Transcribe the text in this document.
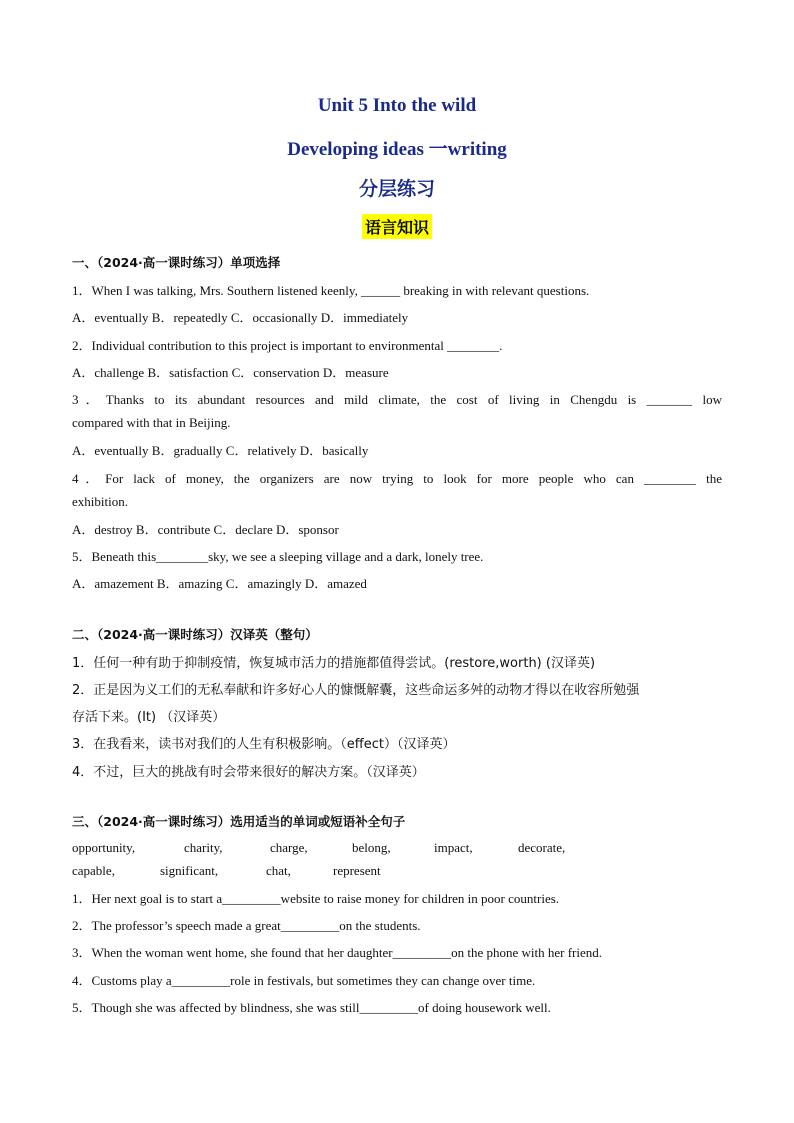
Unit 5 Into the wild
Developing ideas 一writing
分层练习
语言知识
一、（2024·高一课时练习）单项选择
1．When I was talking, Mrs. Southern listened keenly, ______ breaking in with relevant questions.
A．eventually B．repeatedly C．occasionally D．immediately
2．Individual contribution to this project is important to environmental ________.
A．challenge B．satisfaction C．conservation D．measure
3．Thanks to its abundant resources and mild climate, the cost of living in Chengdu is _______ low
compared with that in Beijing.
A．eventually B．gradually C．relatively D．basically
4．For lack of money, the organizers are now trying to look for more people who can ________ the
exhibition.
A．destroy B．contribute C．declare D．sponsor
5．Beneath this________sky, we see a sleeping village and a dark, lonely tree.
A．amazement B．amazing C．amazingly D．amazed
二、（2024·高一课时练习）汉译英（整句）
1．任何一种有助于抑制疫情，恢复城市活力的措施都值得尝试。(restore,worth) (汉译英)
2．正是因为义工们的无私奉献和许多好心人的慷慨解囊，这些命运多舛的动物才得以在收容所勉强
存活下来。(It) （汉译英）
3．在我看来，读书对我们的人生有积极影响。（effect）（汉译英）
4．不过，巨大的挑战有时会带来很好的解决方案。（汉译英）
三、（2024·高一课时练习）选用适当的单词或短语补全句子
opportunity,	charity,	charge,	belong,	impact,	decorate,
capable,	significant,	chat,	represent
1．Her next goal is to start a_________website to raise money for children in poor countries.
2．The professor’s speech made a great_________on the students.
3．When the woman went home, she found that her daughter_________on the phone with her friend.
4．Customs play a_________role in festivals, but sometimes they can change over time.
5．Though she was affected by blindness, she was still_________of doing housework well.
